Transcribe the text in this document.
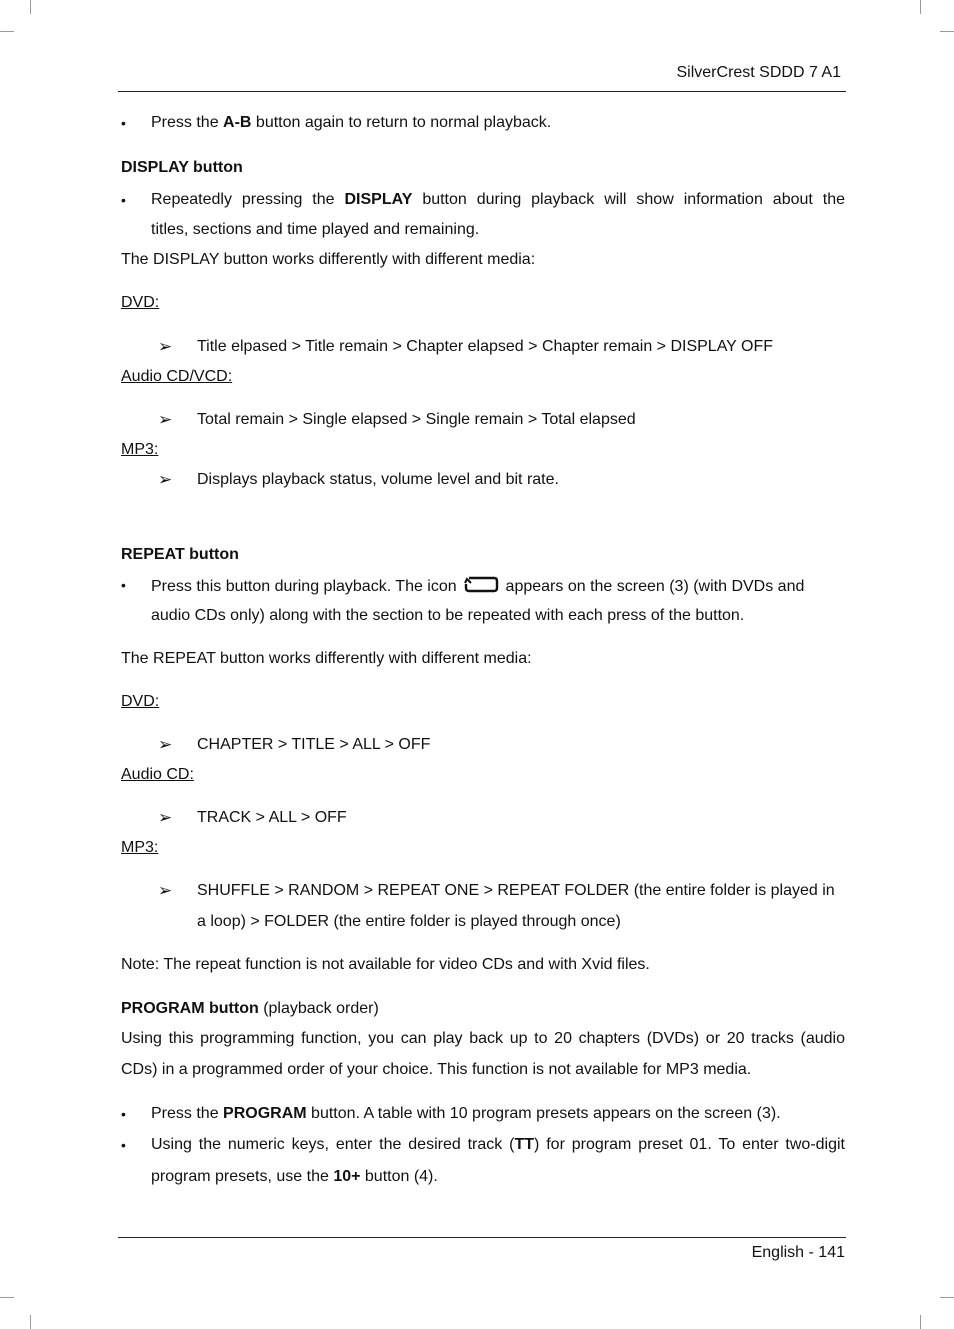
SilverCrest SDDD 7 A1
• Press the A-B button again to return to normal playback.
DISPLAY button
• Repeatedly pressing the DISPLAY button during playback will show information about the
titles, sections and time played and remaining.
The DISPLAY button works differently with different media:
DVD:
➢ Title elpased > Title remain > Chapter elapsed > Chapter remain > DISPLAY OFF
Audio CD/VCD:
➢ Total remain > Single elapsed > Single remain > Total elapsed
MP3:
➢ Displays playback status, volume level and bit rate.
REPEAT button
• Press this button during playback. The icon	appears on the screen (3) (with DVDs and
audio CDs only) along with the section to be repeated with each press of the button.
The REPEAT button works differently with different media:
DVD:
➢ CHAPTER > TITLE > ALL > OFF
Audio CD:
➢ TRACK > ALL > OFF
MP3:
➢ SHUFFLE > RANDOM > REPEAT ONE > REPEAT FOLDER (the entire folder is played in
a loop) > FOLDER (the entire folder is played through once)
Note: The repeat function is not available for video CDs and with Xvid files.
PROGRAM button (playback order)
Using this programming function, you can play back up to 20 chapters (DVDs) or 20 tracks (audio
CDs) in a programmed order of your choice. This function is not available for MP3 media.
• Press the PROGRAM button. A table with 10 program presets appears on the screen (3).
• Using the numeric keys, enter the desired track (TT) for program preset 01. To enter two-digit
program presets, use the 10+ button (4).
English - 141
